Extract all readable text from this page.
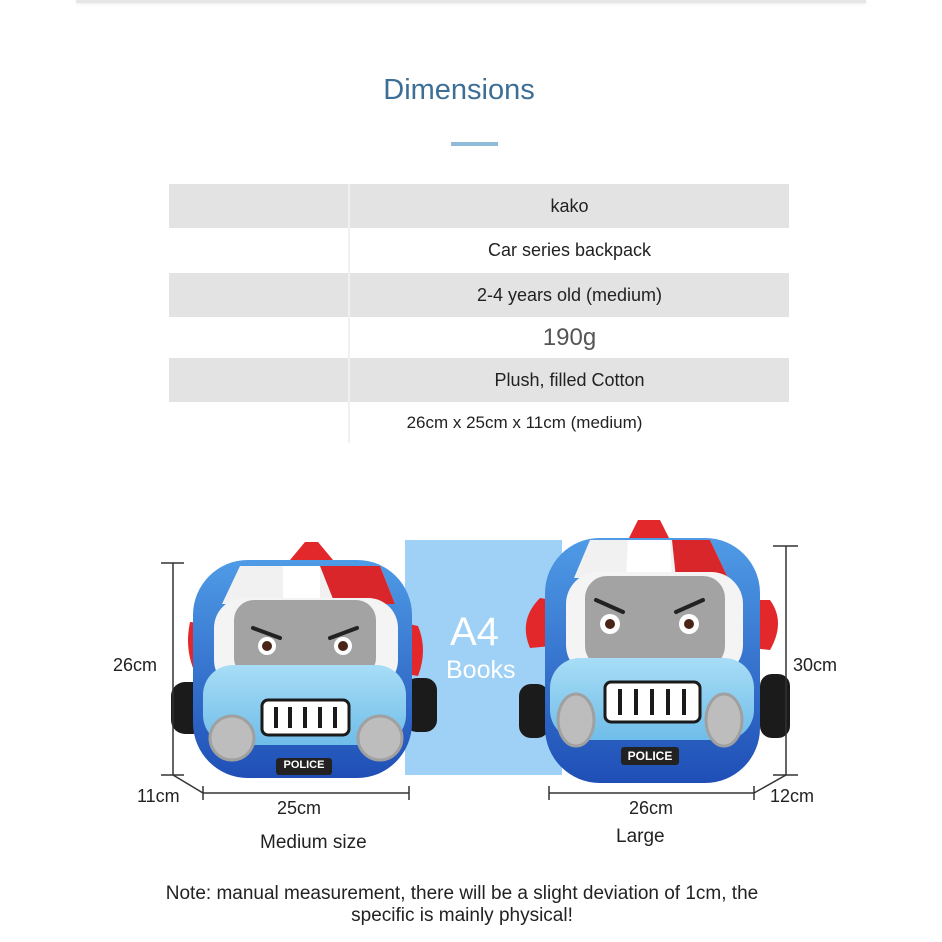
Dimensions
kako
Car series backpack
2-4 years old (medium)
190g
Plush, filled Cotton
26cm x 25cm x 11cm (medium)
A4
Books
POLICE
POLICE
26cm
11cm
25cm
Medium size
30cm
12cm
26cm
Large
Note: manual measurement, there will be a slight deviation of 1cm, the specific is mainly physical!
